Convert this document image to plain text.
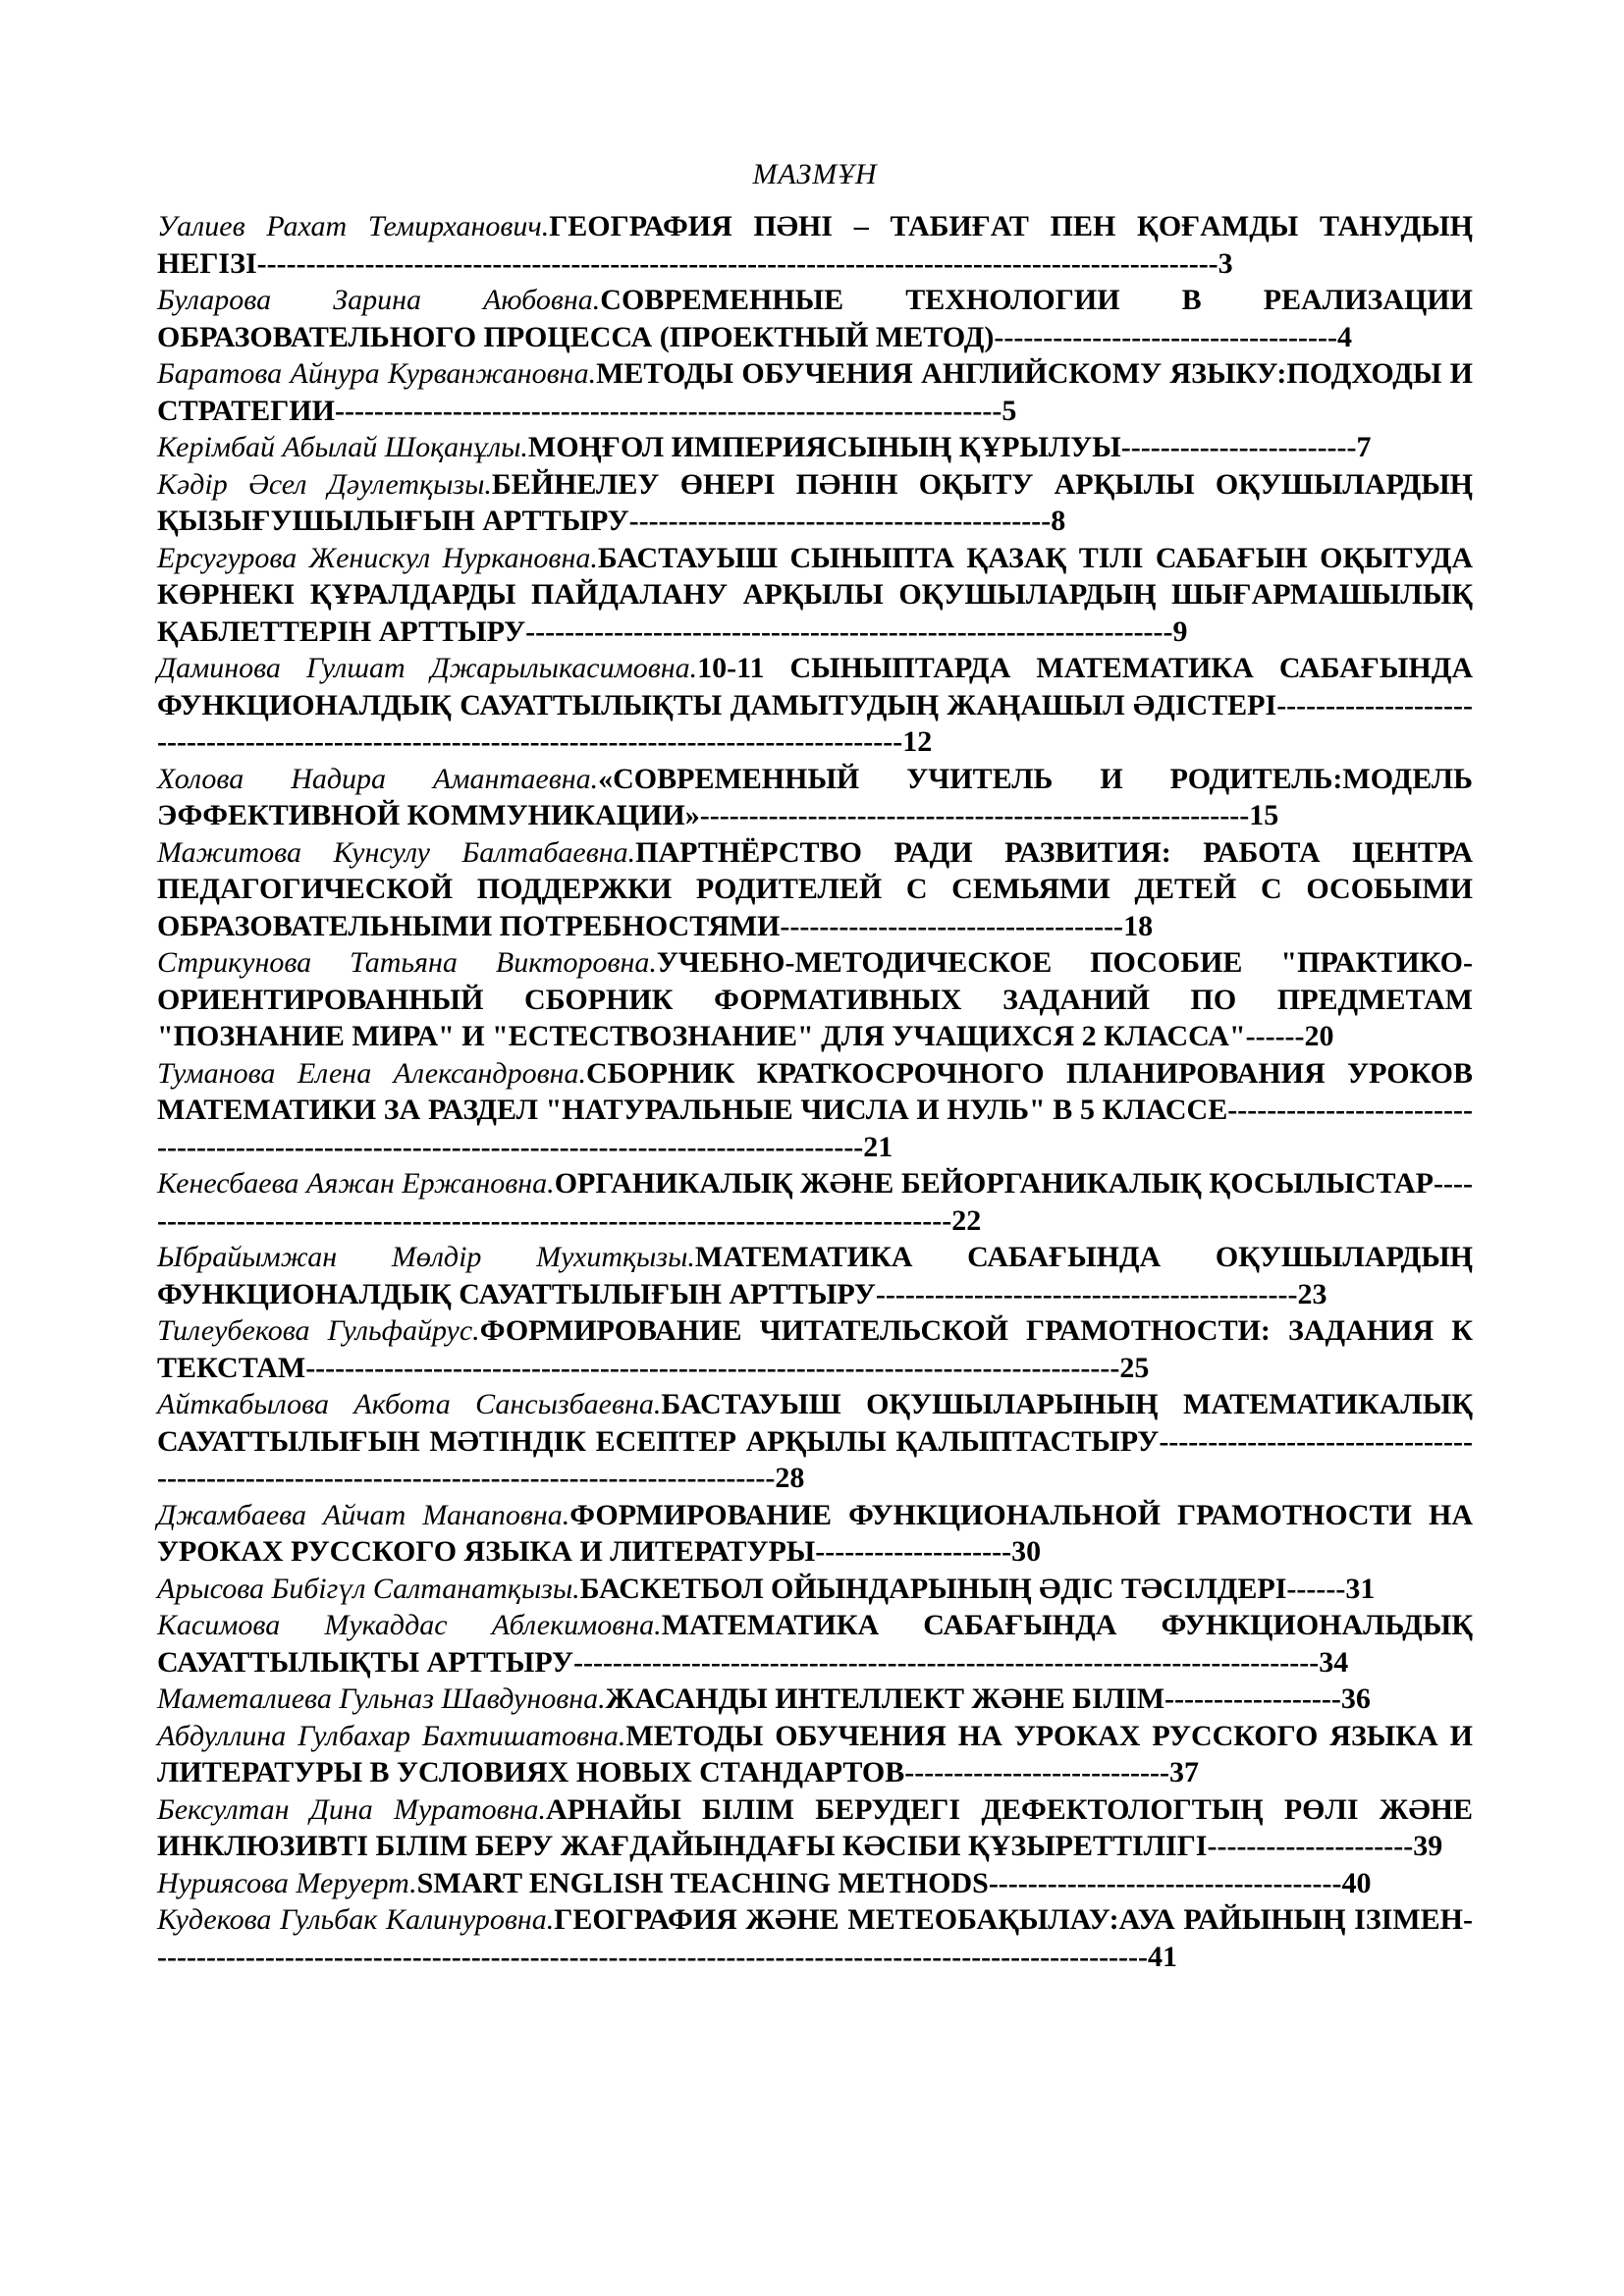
МАЗМҰН
Уалиев Рахат Темирханович.ГЕОГРАФИЯ ПӘНІ – ТАБИҒАТ ПЕН ҚОҒАМДЫ ТАНУДЫҢ НЕГІЗІ--------------------------------------------------------------------------------------------------3
Буларова Зарина Аюбовна.СОВРЕМЕННЫЕ ТЕХНОЛОГИИ В РЕАЛИЗАЦИИ ОБРАЗОВАТЕЛЬНОГО ПРОЦЕССА (ПРОЕКТНЫЙ МЕТОД)-----------------------------------4
Баратова Айнура Курванжановна.МЕТОДЫ ОБУЧЕНИЯ АНГЛИЙСКОМУ ЯЗЫКУ:ПОДХОДЫ И СТРАТЕГИИ--------------------------------------------------------------------5
Керімбай Абылай Шоқанұлы.МОҢҒОЛ ИМПЕРИЯСЫНЫҢ ҚҰРЫЛУЫ------------------------7
Кәдір Әсел Дәулетқызы.БЕЙНЕЛЕУ ӨНЕРІ ПӘНІН ОҚЫТУ АРҚЫЛЫ ОҚУШЫЛАРДЫҢ ҚЫЗЫҒУШЫЛЫҒЫН АРТТЫРУ-------------------------------------------8
Ерсугурова Женискул Нуркановна.БАСТАУЫШ СЫНЫПТА ҚАЗАҚ ТІЛІ САБАҒЫН ОҚЫТУДА КӨРНЕКІ ҚҰРАЛДАРДЫ ПАЙДАЛАНУ АРҚЫЛЫ ОҚУШЫЛАРДЫҢ ШЫҒАРМАШЫЛЫҚ ҚАБЛЕТТЕРІН АРТТЫРУ------------------------------------------------------------------9
Даминова Гулшат Джарылыкасимовна.10-11 СЫНЫПТАРДА МАТЕМАТИКА САБАҒЫНДА ФУНКЦИОНАЛДЫҚ САУАТТЫЛЫҚТЫ ДАМЫТУДЫҢ ЖАҢАШЫЛ ӘДІСТЕРІ------------------------------------------------------------------------------------------------12
Холова Надира Амантаевна.«СОВРЕМЕННЫЙ УЧИТЕЛЬ И РОДИТЕЛЬ:МОДЕЛЬ ЭФФЕКТИВНОЙ КОММУНИКАЦИИ»--------------------------------------------------------15
Мажитова Кунсулу Балтабаевна.ПАРТНЁРСТВО РАДИ РАЗВИТИЯ: РАБОТА ЦЕНТРА ПЕДАГОГИЧЕСКОЙ ПОДДЕРЖКИ РОДИТЕЛЕЙ С СЕМЬЯМИ ДЕТЕЙ С ОСОБЫМИ ОБРАЗОВАТЕЛЬНЫМИ ПОТРЕБНОСТЯМИ-----------------------------------18
Стрикунова Татьяна Викторовна.УЧЕБНО-МЕТОДИЧЕСКОЕ ПОСОБИЕ "ПРАКТИКО-ОРИЕНТИРОВАННЫЙ СБОРНИК ФОРМАТИВНЫХ ЗАДАНИЙ ПО ПРЕДМЕТАМ "ПОЗНАНИЕ МИРА" И "ЕСТЕСТВОЗНАНИЕ" ДЛЯ УЧАЩИХСЯ 2 КЛАССА"------20
Туманова Елена Александровна.СБОРНИК КРАТКОСРОЧНОГО ПЛАНИРОВАНИЯ УРОКОВ МАТЕМАТИКИ ЗА РАЗДЕЛ "НАТУРАЛЬНЫЕ ЧИСЛА И НУЛЬ" В 5 КЛАССЕ-------------------------------------------------------------------------------------------------21
Кенесбаева Аяжан Ержановна.ОРГАНИКАЛЫҚ ЖӘНЕ БЕЙОРГАНИКАЛЫҚ ҚОСЫЛЫСТАР-------------------------------------------------------------------------------------22
Ыбрайымжан Мөлдір Мухитқызы.МАТЕМАТИКА САБАҒЫНДА ОҚУШЫЛАРДЫҢ ФУНКЦИОНАЛДЫҚ САУАТТЫЛЫҒЫН АРТТЫРУ-------------------------------------------23
Тилеубекова Гульфайрус.ФОРМИРОВАНИЕ ЧИТАТЕЛЬСКОЙ ГРАМОТНОСТИ: ЗАДАНИЯ К ТЕКСТАМ-----------------------------------------------------------------------------------25
Айткабылова Акбота Сансызбаевна.БАСТАУЫШ ОҚУШЫЛАРЫНЫҢ МАТЕМАТИКАЛЫҚ САУАТТЫЛЫҒЫН МӘТІНДІК ЕСЕПТЕР АРҚЫЛЫ ҚАЛЫПТАСТЫРУ-----------------------------------------------------------------------------------------------28
Джамбаева Айчат Манаповна.ФОРМИРОВАНИЕ ФУНКЦИОНАЛЬНОЙ ГРАМОТНОСТИ НА УРОКАХ РУССКОГО ЯЗЫКА И ЛИТЕРАТУРЫ--------------------30
Арысова Бибігүл Салтанатқызы.БАСКЕТБОЛ ОЙЫНДАРЫНЫҢ ӘДІС ТӘСІЛДЕРІ------31
Касимова Мукаддас Аблекимовна.МАТЕМАТИКА САБАҒЫНДА ФУНКЦИОНАЛЬДЫҚ САУАТТЫЛЫҚТЫ АРТТЫРУ----------------------------------------------------------------------------34
Маметалиева Гульназ Шавдуновна.ЖАСАНДЫ ИНТЕЛЛЕКТ ЖӘНЕ БІЛІМ------------------36
Абдуллина Гулбахар Бахтишатовна.МЕТОДЫ ОБУЧЕНИЯ НА УРОКАХ РУССКОГО ЯЗЫКА И ЛИТЕРАТУРЫ В УСЛОВИЯХ НОВЫХ СТАНДАРТОВ---------------------------37
Бексултан Дина Муратовна.АРНАЙЫ БІЛІМ БЕРУДЕГІ ДЕФЕКТОЛОГТЫҢ РӨЛІ ЖӘНЕ ИНКЛЮЗИВТІ БІЛІМ БЕРУ ЖАҒДАЙЫНДАҒЫ КӘСІБИ ҚҰЗЫРЕТТІЛІГІ---------------------39
Нуриясова Меруерт.SMART ENGLISH TEACHING METHODS------------------------------------40
Кудекова Гульбак Калинуровна.ГЕОГРАФИЯ ЖӘНЕ МЕТЕОБАҚЫЛАУ:АУА РАЙЫНЫҢ ІЗІМЕН------------------------------------------------------------------------------------------------------41
